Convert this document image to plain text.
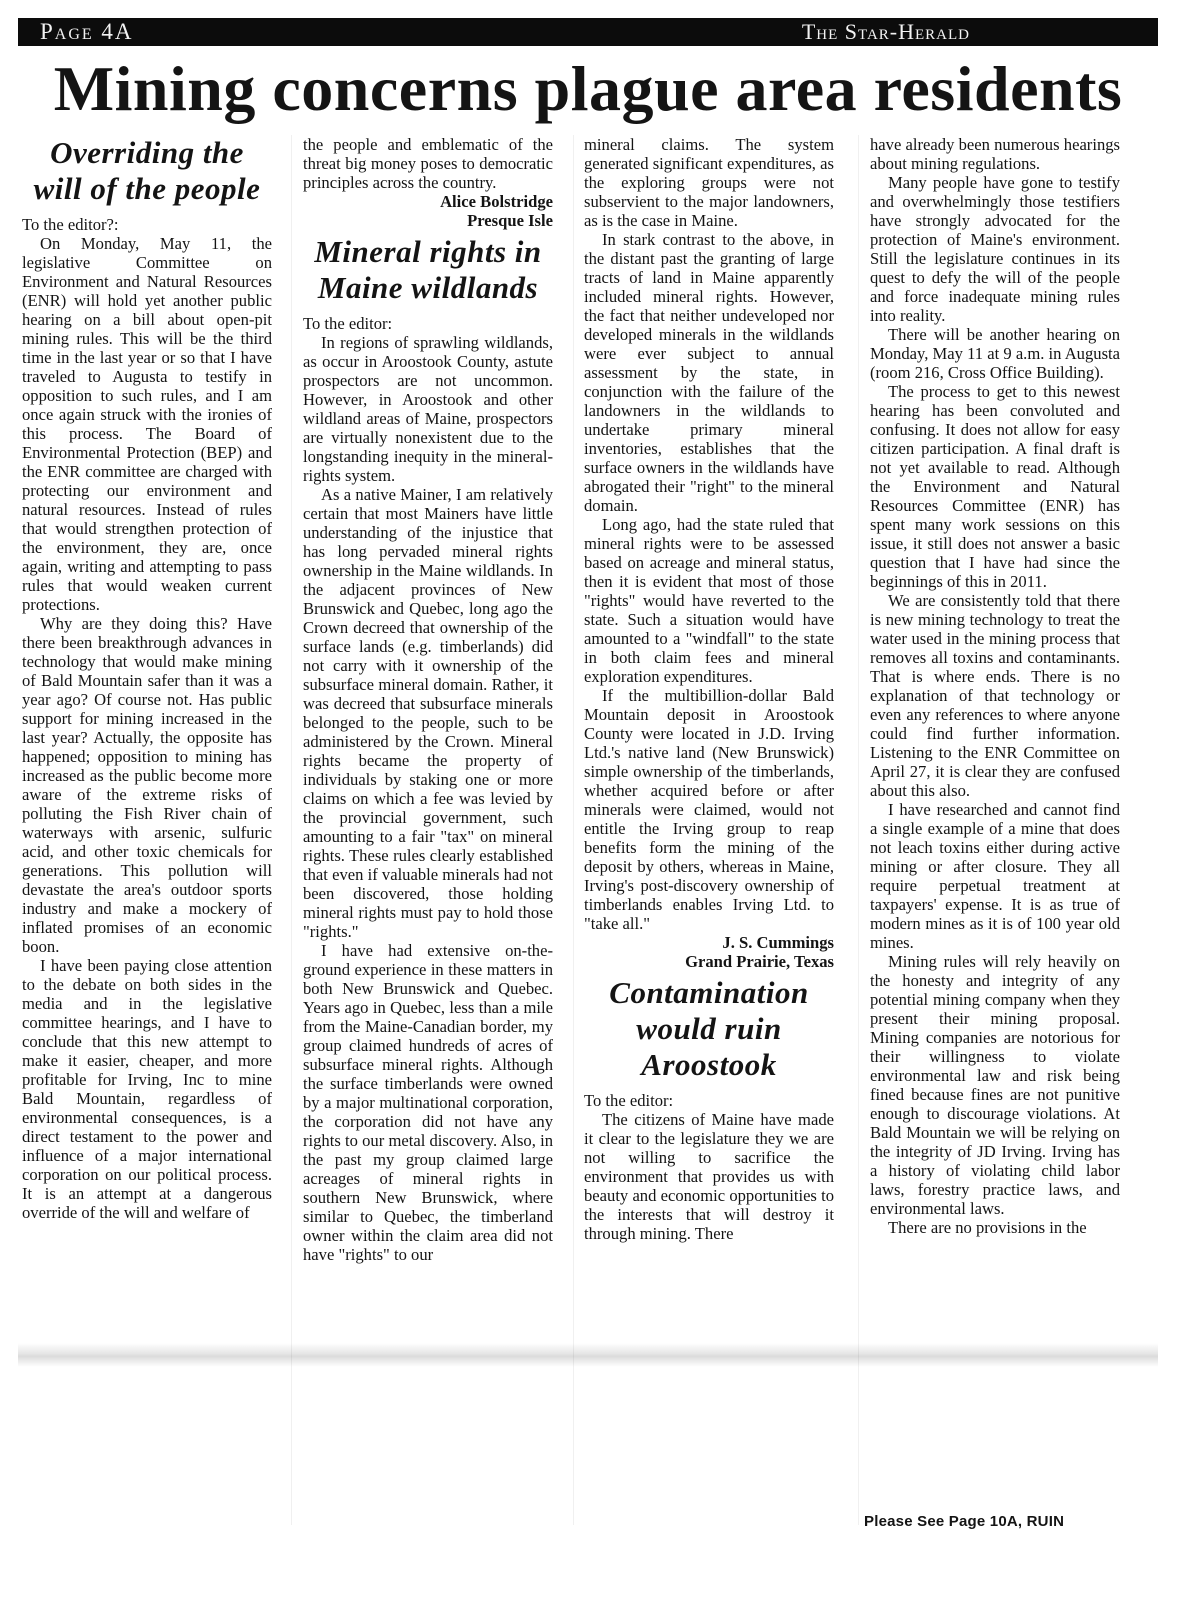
Page 4A	The Star-Herald
Mining concerns plague area residents
Overriding the
will of the people

To the editor?:

On Monday, May 11, the legislative Committee on Environment and Natural Resources (ENR) will hold yet another public hearing on a bill about open-pit mining rules. This will be the third time in the last year or so that I have traveled to Augusta to testify in opposition to such rules, and I am once again struck with the ironies of this process. The Board of Environmental Protection (BEP) and the ENR committee are charged with protecting our environment and natural resources. Instead of rules that would strengthen protection of the environment, they are, once again, writing and attempting to pass rules that would weaken current protections.

Why are they doing this? Have there been breakthrough advances in technology that would make mining of Bald Mountain safer than it was a year ago? Of course not. Has public support for mining increased in the last year? Actually, the opposite has happened; opposition to mining has increased as the public become more aware of the extreme risks of polluting the Fish River chain of waterways with arsenic, sulfuric acid, and other toxic chemicals for generations. This pollution will devastate the area's outdoor sports industry and make a mockery of inflated promises of an economic boon.

I have been paying close attention to the debate on both sides in the media and in the legislative committee hearings, and I have to conclude that this new attempt to make it easier, cheaper, and more profitable for Irving, Inc to mine Bald Mountain, regardless of environmental consequences, is a direct testament to the power and influence of a major international corporation on our political process. It is an attempt at a dangerous override of the will and welfare of

the people and emblematic of the threat big money poses to democratic principles across the country.

Alice Bolstridge
Presque Isle
Mineral rights in
Maine wildlands

To the editor:

In regions of sprawling wildlands, as occur in Aroostook County, astute prospectors are not uncommon. However, in Aroostook and other wildland areas of Maine, prospectors are virtually nonexistent due to the longstanding inequity in the mineral-rights system.

As a native Mainer, I am relatively certain that most Mainers have little understanding of the injustice that has long pervaded mineral rights ownership in the Maine wildlands. In the adjacent provinces of New Brunswick and Quebec, long ago the Crown decreed that ownership of the surface lands (e.g. timberlands) did not carry with it ownership of the subsurface mineral domain. Rather, it was decreed that subsurface minerals belonged to the people, such to be administered by the Crown. Mineral rights became the property of individuals by staking one or more claims on which a fee was levied by the provincial government, such amounting to a fair "tax" on mineral rights. These rules clearly established that even if valuable minerals had not been discovered, those holding mineral rights must pay to hold those "rights."

I have had extensive on-the-ground experience in these matters in both New Brunswick and Quebec. Years ago in Quebec, less than a mile from the Maine-Canadian border, my group claimed hundreds of acres of subsurface mineral rights. Although the surface timberlands were owned by a major multinational corporation, the corporation did not have any rights to our metal discovery. Also, in the past my group claimed large acreages of mineral rights in southern New Brunswick, where similar to Quebec, the timberland owner within the claim area did not have "rights" to our

mineral claims. The system generated significant expenditures, as the exploring groups were not subservient to the major landowners, as is the case in Maine.

In stark contrast to the above, in the distant past the granting of large tracts of land in Maine apparently included mineral rights. However, the fact that neither undeveloped nor developed minerals in the wildlands were ever subject to annual assessment by the state, in conjunction with the failure of the landowners in the wildlands to undertake primary mineral inventories, establishes that the surface owners in the wildlands have abrogated their "right" to the mineral domain.

Long ago, had the state ruled that mineral rights were to be assessed based on acreage and mineral status, then it is evident that most of those "rights" would have reverted to the state. Such a situation would have amounted to a "windfall" to the state in both claim fees and mineral exploration expenditures.

If the multibillion-dollar Bald Mountain deposit in Aroostook County were located in J.D. Irving Ltd.'s native land (New Brunswick) simple ownership of the timberlands, whether acquired before or after minerals were claimed, would not entitle the Irving group to reap benefits form the mining of the deposit by others, whereas in Maine, Irving's post-discovery ownership of timberlands enables Irving Ltd. to "take all."

J. S. Cummings
Grand Prairie, Texas
Contamination
would ruin
Aroostook

To the editor:

The citizens of Maine have made it clear to the legislature they we are not willing to sacrifice the environment that provides us with beauty and economic opportunities to the interests that will destroy it through mining. There

have already been numerous hearings about mining regulations.

Many people have gone to testify and overwhelmingly those testifiers have strongly advocated for the protection of Maine's environment. Still the legislature continues in its quest to defy the will of the people and force inadequate mining rules into reality.

There will be another hearing on Monday, May 11 at 9 a.m. in Augusta (room 216, Cross Office Building).

The process to get to this newest hearing has been convoluted and confusing. It does not allow for easy citizen participation. A final draft is not yet available to read. Although the Environment and Natural Resources Committee (ENR) has spent many work sessions on this issue, it still does not answer a basic question that I have had since the beginnings of this in 2011.

We are consistently told that there is new mining technology to treat the water used in the mining process that removes all toxins and contaminants. That is where ends. There is no explanation of that technology or even any references to where anyone could find further information. Listening to the ENR Committee on April 27, it is clear they are confused about this also.

I have researched and cannot find a single example of a mine that does not leach toxins either during active mining or after closure. They all require perpetual treatment at taxpayers' expense. It is as true of modern mines as it is of 100 year old mines.

Mining rules will rely heavily on the honesty and integrity of any potential mining company when they present their mining proposal. Mining companies are notorious for their willingness to violate environmental law and risk being fined because fines are not punitive enough to discourage violations. At Bald Mountain we will be relying on the integrity of JD Irving. Irving has a history of violating child labor laws, forestry practice laws, and environmental laws.

There are no provisions in the

Please See Page 10A, RUIN
